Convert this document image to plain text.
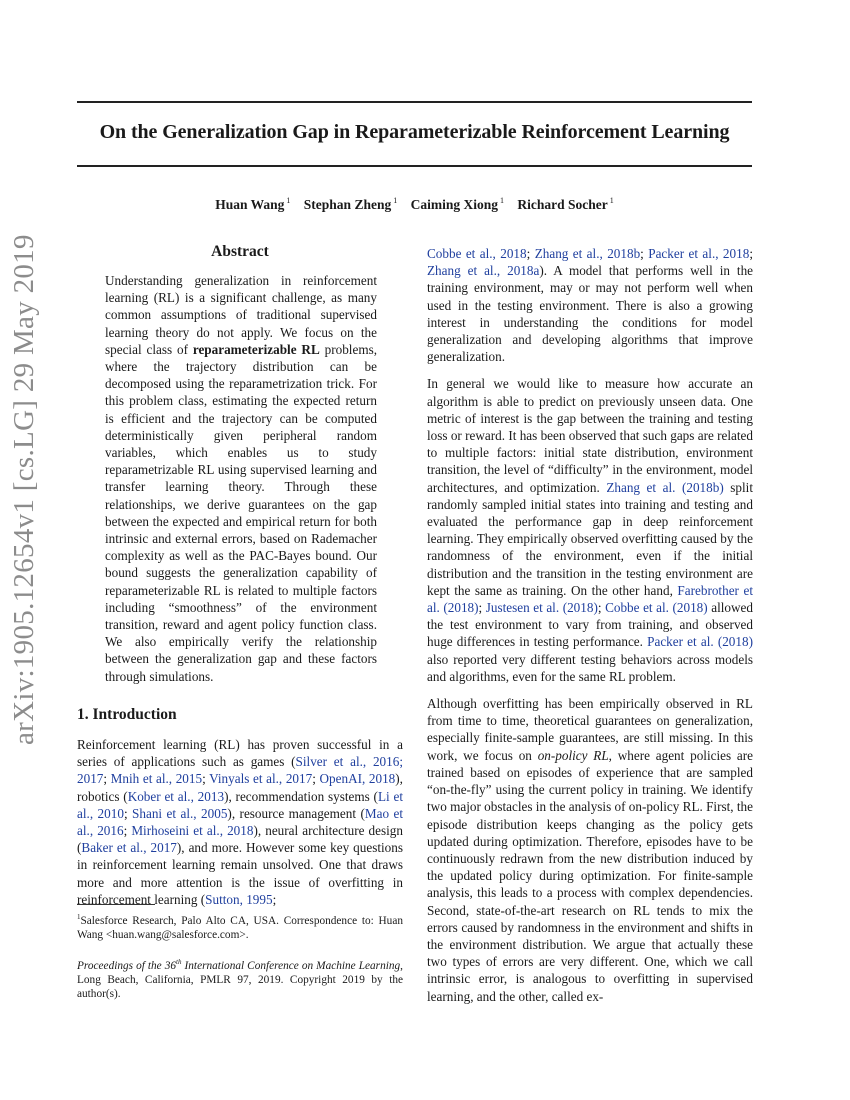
arXiv:1905.12654v1 [cs.LG] 29 May 2019
On the Generalization Gap in Reparameterizable Reinforcement Learning
Huan Wang $^1$ Stephan Zheng $^1$ Caiming Xiong $^1$ Richard Socher $^1$
Abstract
Understanding generalization in reinforcement learning (RL) is a significant challenge, as many common assumptions of traditional supervised learning theory do not apply. We focus on the special class of reparameterizable RL problems, where the trajectory distribution can be decomposed using the reparametrization trick. For this problem class, estimating the expected return is efficient and the trajectory can be computed deterministically given peripheral random variables, which enables us to study reparametrizable RL using supervised learning and transfer learning theory. Through these relationships, we derive guarantees on the gap between the expected and empirical return for both intrinsic and external errors, based on Rademacher complexity as well as the PAC-Bayes bound. Our bound suggests the generalization capability of reparameterizable RL is related to multiple factors including “smoothness” of the environment transition, reward and agent policy function class. We also empirically verify the relationship between the generalization gap and these factors through simulations.
1. Introduction

Reinforcement learning (RL) has proven successful in a series of applications such as games (Silver et al., 2016; 2017; Mnih et al., 2015; Vinyals et al., 2017; OpenAI, 2018), robotics (Kober et al., 2013), recommendation systems (Li et al., 2010; Shani et al., 2005), resource management (Mao et al., 2016; Mirhoseini et al., 2018), neural architecture design (Baker et al., 2017), and more. However some key questions in reinforcement learning remain unsolved. One that draws more and more attention is the issue of overfitting in reinforcement learning (Sutton, 1995;

$^1$Salesforce Research, Palo Alto CA, USA. Correspondence to: Huan Wang <huan.wang@salesforce.com>.
Proceedings of the 36th International Conference on Machine Learning, Long Beach, California, PMLR 97, 2019. Copyright 2019 by the author(s).

Cobbe et al., 2018; Zhang et al., 2018b; Packer et al., 2018; Zhang et al., 2018a). A model that performs well in the training environment, may or may not perform well when used in the testing environment. There is also a growing interest in understanding the conditions for model generalization and developing algorithms that improve generalization.

In general we would like to measure how accurate an algorithm is able to predict on previously unseen data. One metric of interest is the gap between the training and testing loss or reward. It has been observed that such gaps are related to multiple factors: initial state distribution, environment transition, the level of “difficulty” in the environment, model architectures, and optimization. Zhang et al. (2018b) split randomly sampled initial states into training and testing and evaluated the performance gap in deep reinforcement learning. They empirically observed overfitting caused by the randomness of the environment, even if the initial distribution and the transition in the testing environment are kept the same as training. On the other hand, Farebrother et al. (2018); Justesen et al. (2018); Cobbe et al. (2018) allowed the test environment to vary from training, and observed huge differences in testing performance. Packer et al. (2018) also reported very different testing behaviors across models and algorithms, even for the same RL problem.

Although overfitting has been empirically observed in RL from time to time, theoretical guarantees on generalization, especially finite-sample guarantees, are still missing. In this work, we focus on on-policy RL, where agent policies are trained based on episodes of experience that are sampled “on-the-fly” using the current policy in training. We identify two major obstacles in the analysis of on-policy RL. First, the episode distribution keeps changing as the policy gets updated during optimization. Therefore, episodes have to be continuously redrawn from the new distribution induced by the updated policy during optimization. For finite-sample analysis, this leads to a process with complex dependencies. Second, state-of-the-art research on RL tends to mix the errors caused by randomness in the environment and shifts in the environment distribution. We argue that actually these two types of errors are very different. One, which we call intrinsic error, is analogous to overfitting in supervised learning, and the other, called ex-
